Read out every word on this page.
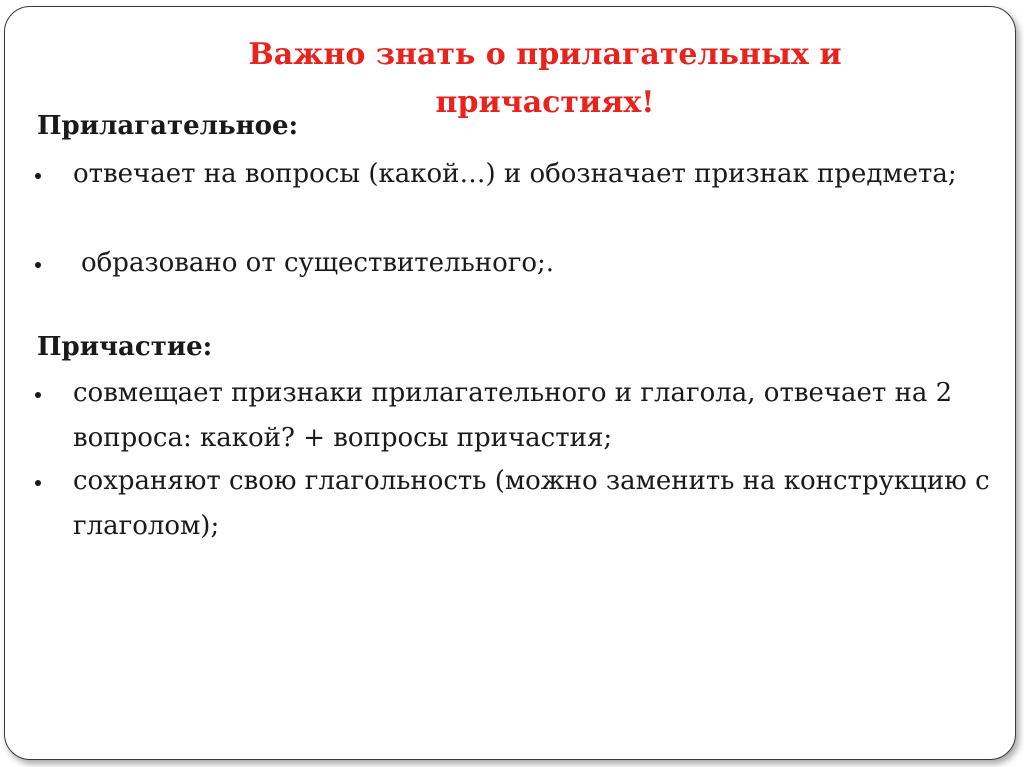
Важно знать о прилагательных и причастиях!
Прилагательное:
отвечает на вопросы (какой…) и обозначает признак предмета;
образовано от существительного;.
Причастие:
совмещает признаки прилагательного и глагола, отвечает на 2 вопроса: какой? + вопросы причастия;
сохраняют свою глагольность (можно заменить на конструкцию с глаголом);
